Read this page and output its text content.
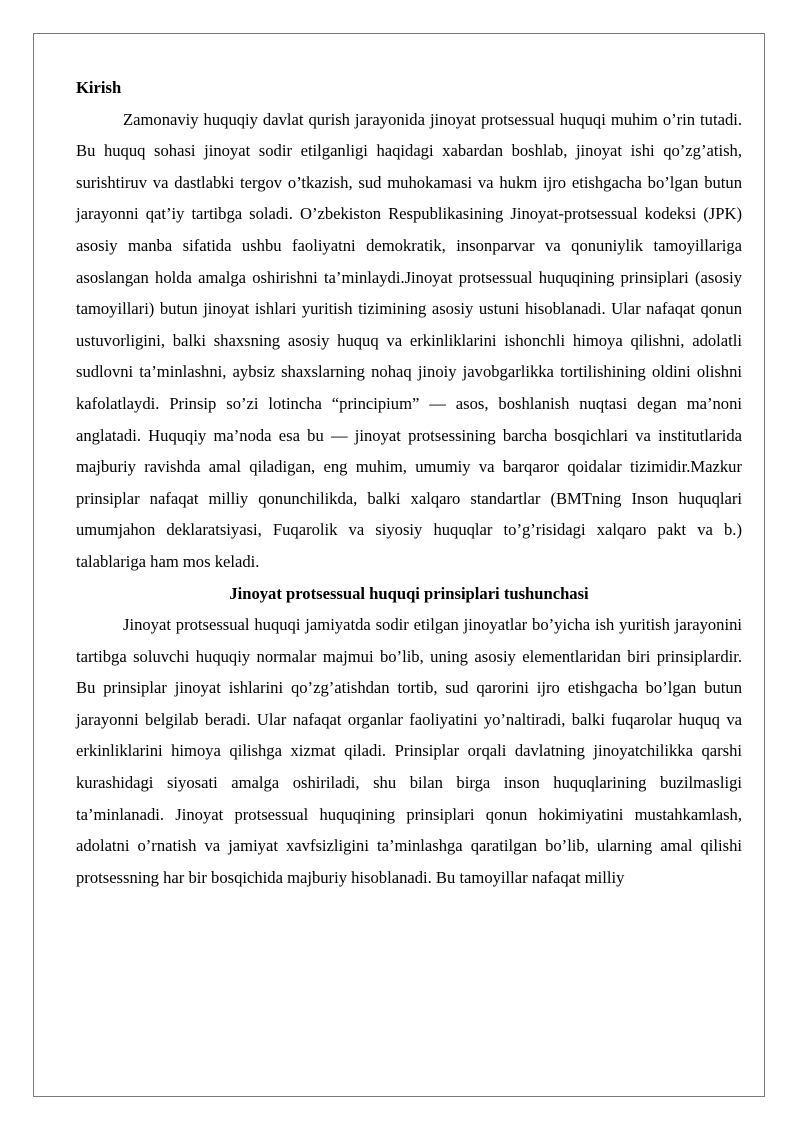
Kirish

Zamonaviy huquqiy davlat qurish jarayonida jinoyat protsessual huquqi muhim o’rin tutadi. Bu huquq sohasi jinoyat sodir etilganligi haqidagi xabardan boshlab, jinoyat ishi qo’zg’atish, surishtiruv va dastlabki tergov o’tkazish, sud muhokamasi va hukm ijro etishgacha bo’lgan butun jarayonni qat’iy tartibga soladi. O’zbekiston Respublikasining Jinoyat-protsessual kodeksi (JPK) asosiy manba sifatida ushbu faoliyatni demokratik, insonparvar va qonuniylik tamoyillariga asoslangan holda amalga oshirishni ta’minlaydi.Jinoyat protsessual huquqining prinsiplari (asosiy tamoyillari) butun jinoyat ishlari yuritish tizimining asosiy ustuni hisoblanadi. Ular nafaqat qonun ustuvorligini, balki shaxsning asosiy huquq va erkinliklarini ishonchli himoya qilishni, adolatli sudlovni ta’minlashni, aybsiz shaxslarning nohaq jinoiy javobgarlikka tortilishining oldini olishni kafolatlaydi. Prinsip so’zi lotincha “principium” — asos, boshlanish nuqtasi degan ma’noni anglatadi. Huquqiy ma’noda esa bu — jinoyat protsessining barcha bosqichlari va institutlarida majburiy ravishda amal qiladigan, eng muhim, umumiy va barqaror qoidalar tizimidir.Mazkur prinsiplar nafaqat milliy qonunchilikda, balki xalqaro standartlar (BMTning Inson huquqlari umumjahon deklaratsiyasi, Fuqarolik va siyosiy huquqlar to’g’risidagi xalqaro pakt va b.) talablariga ham mos keladi.

Jinoyat protsessual huquqi prinsiplari tushunchasi

Jinoyat protsessual huquqi jamiyatda sodir etilgan jinoyatlar bo’yicha ish yuritish jarayonini tartibga soluvchi huquqiy normalar majmui bo’lib, uning asosiy elementlaridan biri prinsiplardir. Bu prinsiplar jinoyat ishlarini qo’zg’atishdan tortib, sud qarorini ijro etishgacha bo’lgan butun jarayonni belgilab beradi. Ular nafaqat organlar faoliyatini yo’naltiradi, balki fuqarolar huquq va erkinliklarini himoya qilishga xizmat qiladi. Prinsiplar orqali davlatning jinoyatchilikka qarshi kurashidagi siyosati amalga oshiriladi, shu bilan birga inson huquqlarining buzilmasligi ta’minlanadi. Jinoyat protsessual huquqining prinsiplari qonun hokimiyatini mustahkamlash, adolatni o’rnatish va jamiyat xavfsizligini ta’minlashga qaratilgan bo’lib, ularning amal qilishi protsessning har bir bosqichida majburiy hisoblanadi. Bu tamoyillar nafaqat milliy
